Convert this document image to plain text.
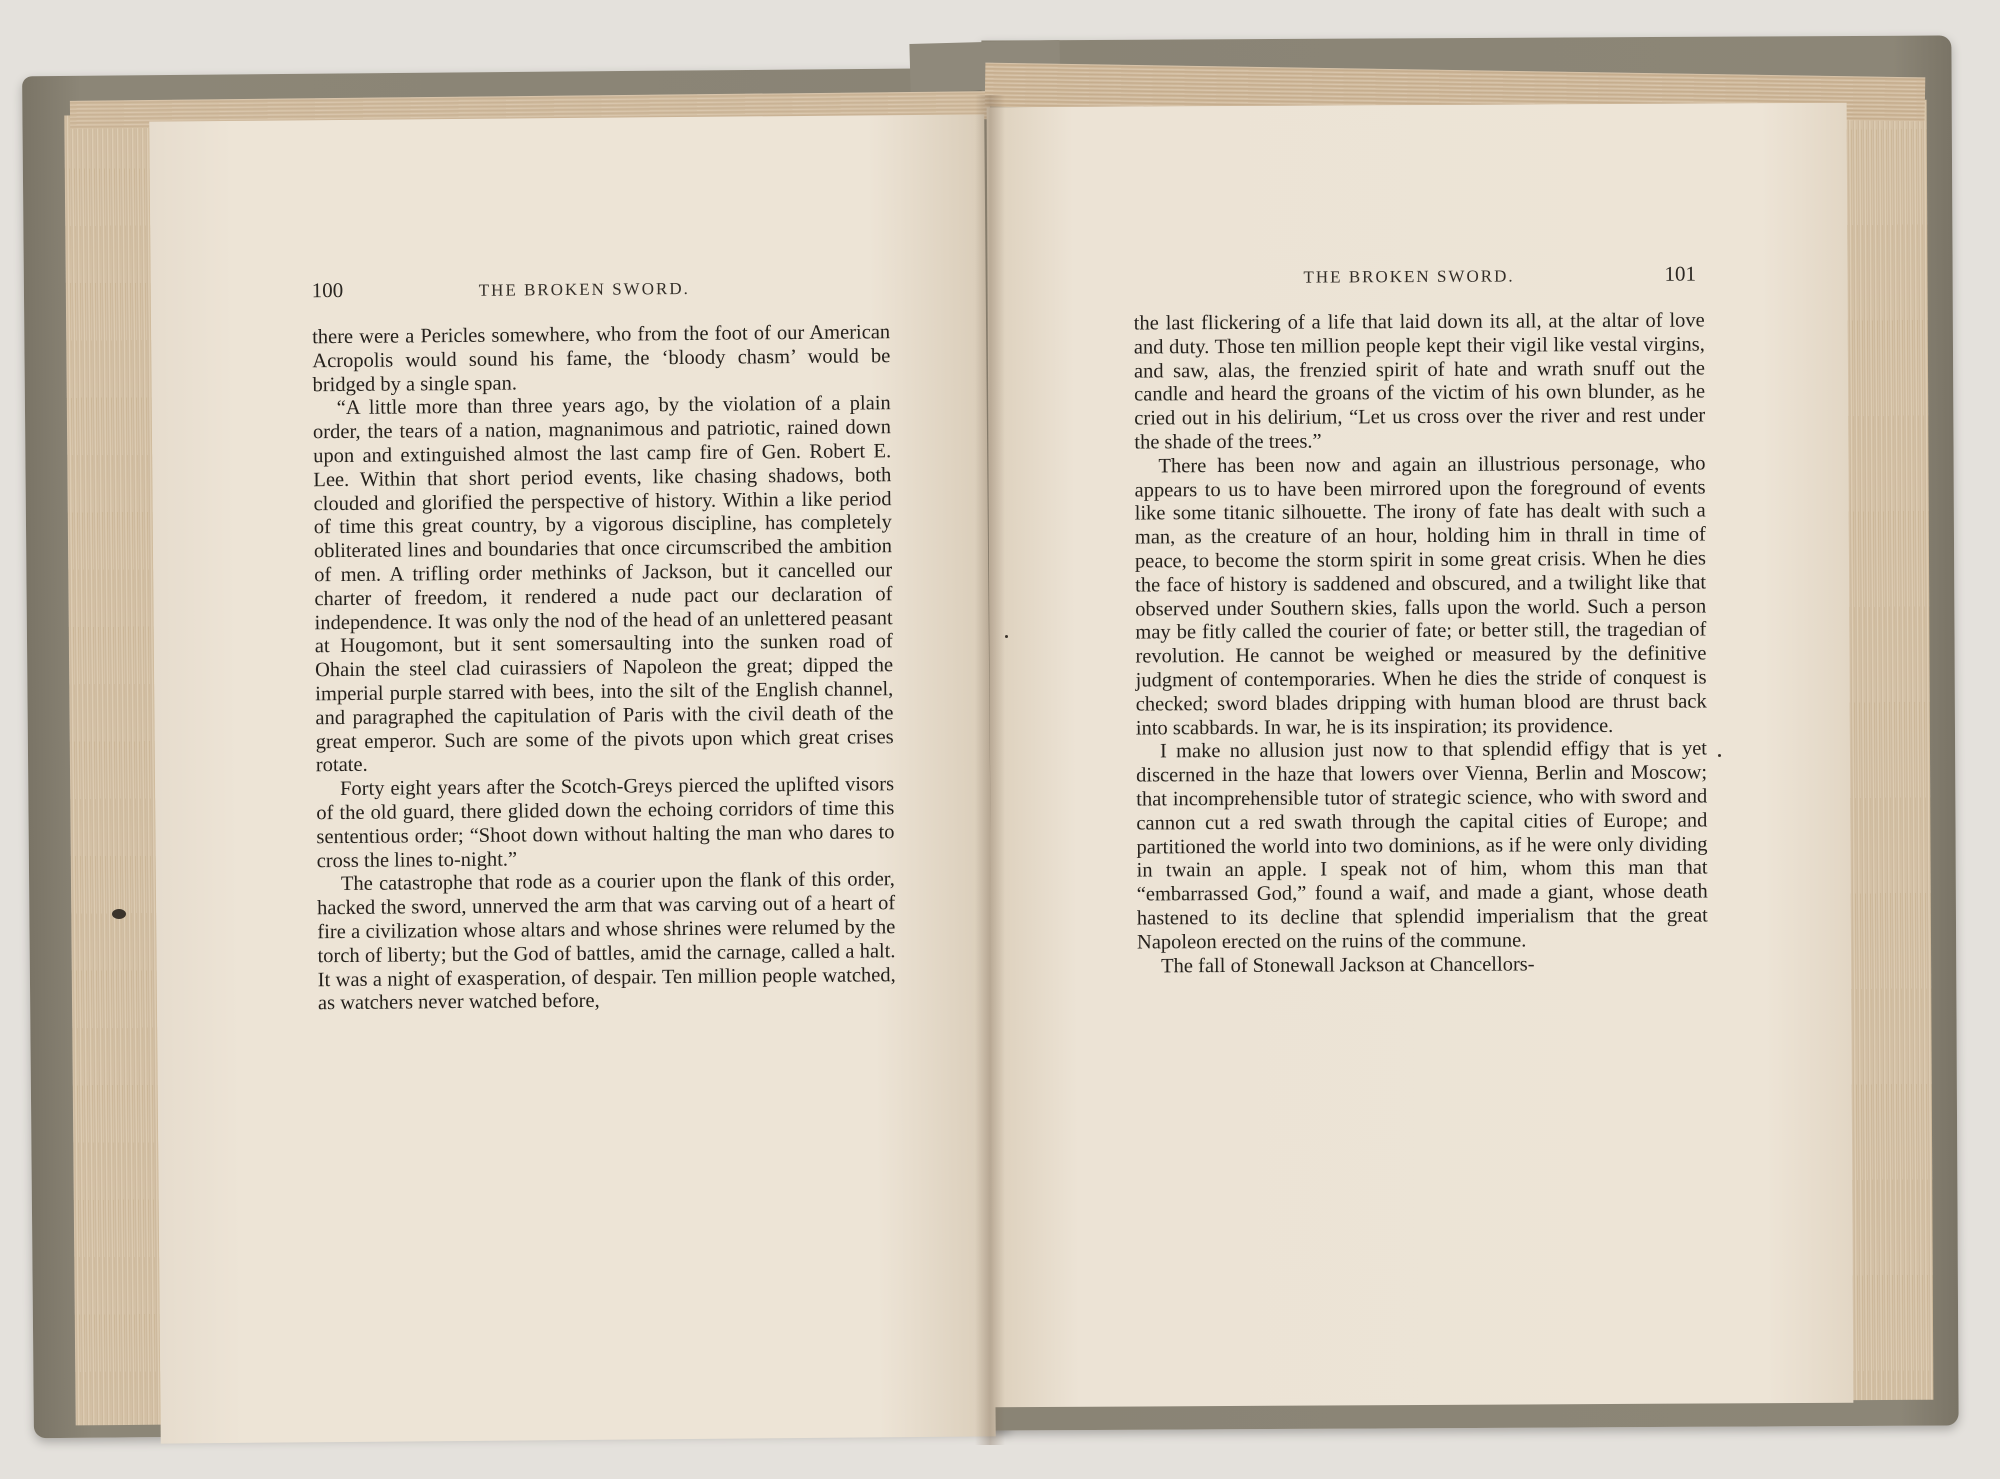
100	THE BROKEN SWORD.

there were a Pericles somewhere, who from the foot of our American Acropolis would sound his fame, the ‘bloody chasm’ would be bridged by a single span.

“A little more than three years ago, by the violation of a plain order, the tears of a nation, magnanimous and patriotic, rained down upon and extinguished almost the last camp fire of Gen. Robert E. Lee. Within that short period events, like chasing shadows, both clouded and glorified the perspective of history. Within a like period of time this great country, by a vigorous discipline, has completely obliterated lines and boundaries that once circumscribed the ambition of men. A trifling order methinks of Jackson, but it cancelled our charter of freedom, it rendered a nude pact our declaration of independence. It was only the nod of the head of an unlettered peasant at Hougomont, but it sent somersaulting into the sunken road of Ohain the steel clad cuirassiers of Napoleon the great; dipped the imperial purple starred with bees, into the silt of the English channel, and paragraphed the capitulation of Paris with the civil death of the great emperor. Such are some of the pivots upon which great crises rotate.

Forty eight years after the Scotch-Greys pierced the uplifted visors of the old guard, there glided down the echoing corridors of time this sententious order; “Shoot down without halting the man who dares to cross the lines to-night.”

The catastrophe that rode as a courier upon the flank of this order, hacked the sword, unnerved the arm that was carving out of a heart of fire a civilization whose altars and whose shrines were relumed by the torch of liberty; but the God of battles, amid the carnage, called a halt. It was a night of exasperation, of despair. Ten million people watched, as watchers never watched before,

THE BROKEN SWORD.	101

the last flickering of a life that laid down its all, at the altar of love and duty. Those ten million people kept their vigil like vestal virgins, and saw, alas, the frenzied spirit of hate and wrath snuff out the candle and heard the groans of the victim of his own blunder, as he cried out in his delirium, “Let us cross over the river and rest under the shade of the trees.”

There has been now and again an illustrious personage, who appears to us to have been mirrored upon the foreground of events like some titanic silhouette. The irony of fate has dealt with such a man, as the creature of an hour, holding him in thrall in time of peace, to become the storm spirit in some great crisis. When he dies the face of history is saddened and obscured, and a twilight like that observed under Southern skies, falls upon the world. Such a person may be fitly called the courier of fate; or better still, the tragedian of revolution. He cannot be weighed or measured by the definitive judgment of contemporaries. When he dies the stride of conquest is checked; sword blades dripping with human blood are thrust back into scabbards. In war, he is its inspiration; its providence.

I make no allusion just now to that splendid effigy that is yet discerned in the haze that lowers over Vienna, Berlin and Moscow; that incomprehensible tutor of strategic science, who with sword and cannon cut a red swath through the capital cities of Europe; and partitioned the world into two dominions, as if he were only dividing in twain an apple. I speak not of him, whom this man that “embarrassed God,” found a waif, and made a giant, whose death hastened to its decline that splendid imperialism that the great Napoleon erected on the ruins of the commune.

The fall of Stonewall Jackson at Chancellors-
